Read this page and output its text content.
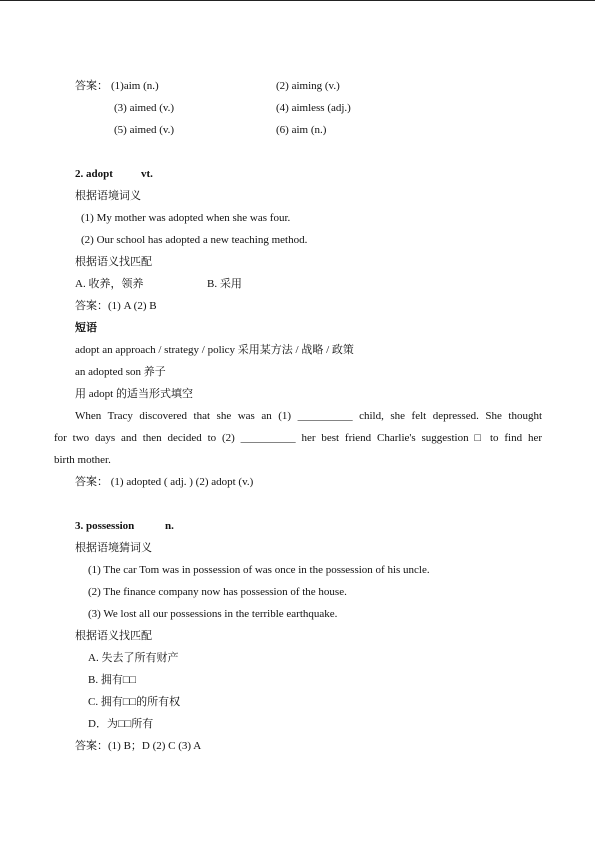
答案： (1)aim (n.)	(2) aiming (v.)
(3) aimed (v.)	(4) aimless (adj.)
(5) aimed (v.)	(6) aim (n.)
2. adopt	vt.
根据语境词义
(1) My mother was adopted when she was four.
(2) Our school has adopted a new teaching method.
根据语义找匹配
A. 收养，领养	B. 采用
答案：(1) A (2) B
短语
adopt an approach / strategy / policy 采用某方法 / 战略 / 政策
an adopted son 养子
用 adopt 的适当形式填空
When Tracy discovered that she was an (1) __________ child, she felt depressed. She thought
for two days and then decided to (2) __________ her best friend Charlie's suggestion □ to find her
birth mother.
答案： (1) adopted ( adj. ) (2) adopt (v.)
3. possession	n.
根据语境猜词义
(1) The car Tom was in possession of was once in the possession of his uncle.
(2) The finance company now has possession of the house.
(3) We lost all our possessions in the terrible earthquake.
根据语义找匹配
A. 失去了所有财产
B. 拥有□□
C. 拥有□□的所有权
D．为□□所有
答案：(1) B；D (2) C (3) A
